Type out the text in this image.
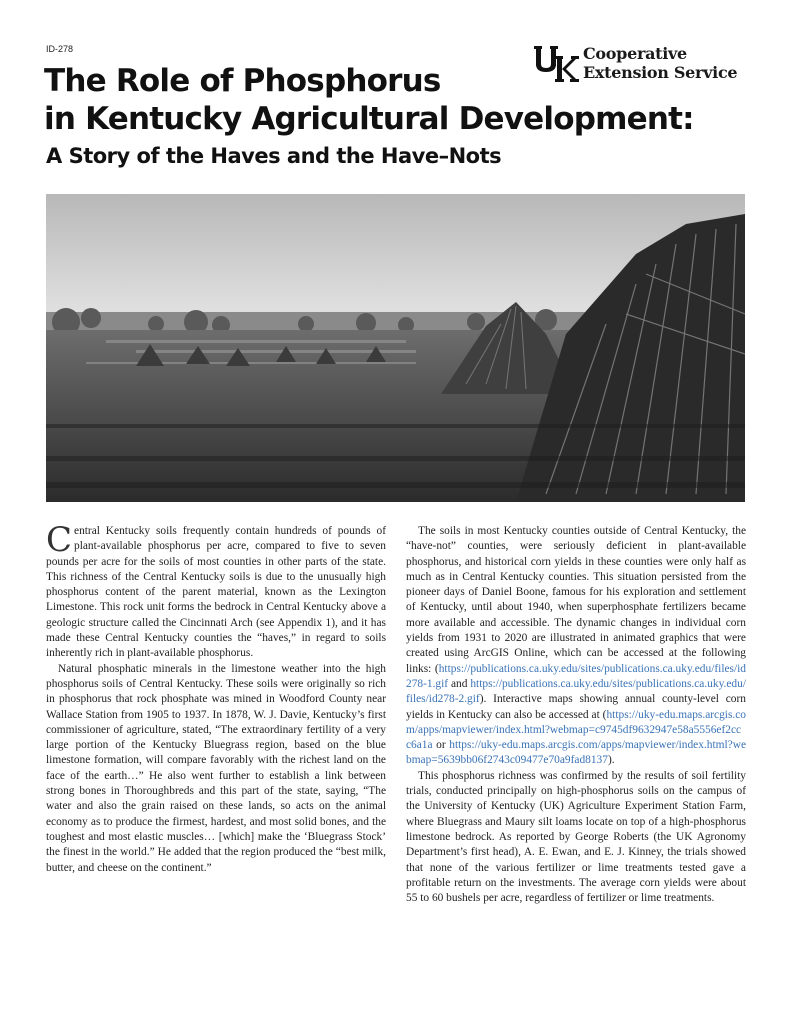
ID-278	Cooperative
Extension Service
The Role of Phosphorus
in Kentucky Agricultural Development:
A Story of the Haves and the Have–Nots

Central Kentucky soils frequently contain hundreds of pounds of plant-available phosphorus per acre, compared to five to seven pounds per acre for the soils of most counties in other parts of the state. This richness of the Central Kentucky soils is due to the unusually high phosphorus content of the parent material, known as the Lexington Limestone. This rock unit forms the bedrock in Central Kentucky above a geologic structure called the Cincinnati Arch (see Appendix 1), and it has made these Central Kentucky counties the “haves,” in regard to soils inherently rich in plant-available phosphorus.

Natural phosphatic minerals in the limestone weather into the high phosphorus soils of Central Kentucky. These soils were originally so rich in phosphorus that rock phosphate was mined in Woodford County near Wallace Station from 1905 to 1937. In 1878, W. J. Davie, Kentucky’s first commissioner of agriculture, stated, “The extraordinary fertility of a very large portion of the Kentucky Bluegrass region, based on the blue limestone formation, will compare favorably with the richest land on the face of the earth…” He also went further to establish a link between strong bones in Thoroughbreds and this part of the state, saying, “The water and also the grain raised on these lands, so acts on the animal economy as to produce the firmest, hardest, and most solid bones, and the toughest and most elastic muscles… [which] make the ‘Bluegrass Stock’ the finest in the world.” He added that the region produced the “best milk, butter, and cheese on the continent.”

The soils in most Kentucky counties outside of Central Kentucky, the “have-not” counties, were seriously deficient in plant-available phosphorus, and historical corn yields in these counties were only half as much as in Central Kentucky counties. This situation persisted from the pioneer days of Daniel Boone, famous for his exploration and settlement of Kentucky, until about 1940, when superphosphate fertilizers became more available and accessible. The dynamic changes in individual corn yields from 1931 to 2020 are illustrated in animated graphics that were created using ArcGIS Online, which can be accessed at the following links: (https://publications.ca.uky.edu/sites/publications.ca.uky.edu/files/id278-1.gif and https://publications.ca.uky.edu/sites/publications.ca.uky.edu/files/id278-2.gif). Interactive maps showing annual county-level corn yields in Kentucky can also be accessed at (https://uky-edu.maps.arcgis.com/apps/mapviewer/index.html?webmap=c9745df9632947e58a5556ef2ccc6a1a or https://uky-edu.maps.arcgis.com/apps/mapviewer/index.html?webmap=5639bb06f2743c09477e70a9fad8137).

This phosphorus richness was confirmed by the results of soil fertility trials, conducted principally on high-phosphorus soils on the campus of the University of Kentucky (UK) Agriculture Experiment Station Farm, where Bluegrass and Maury silt loams locate on top of a high-phosphorus limestone bedrock. As reported by George Roberts (the UK Agronomy Department’s first head), A. E. Ewan, and E. J. Kinney, the trials showed that none of the various fertilizer or lime treatments tested gave a profitable return on the investments. The average corn yields were about 55 to 60 bushels per acre, regardless of fertilizer or lime treatments.
